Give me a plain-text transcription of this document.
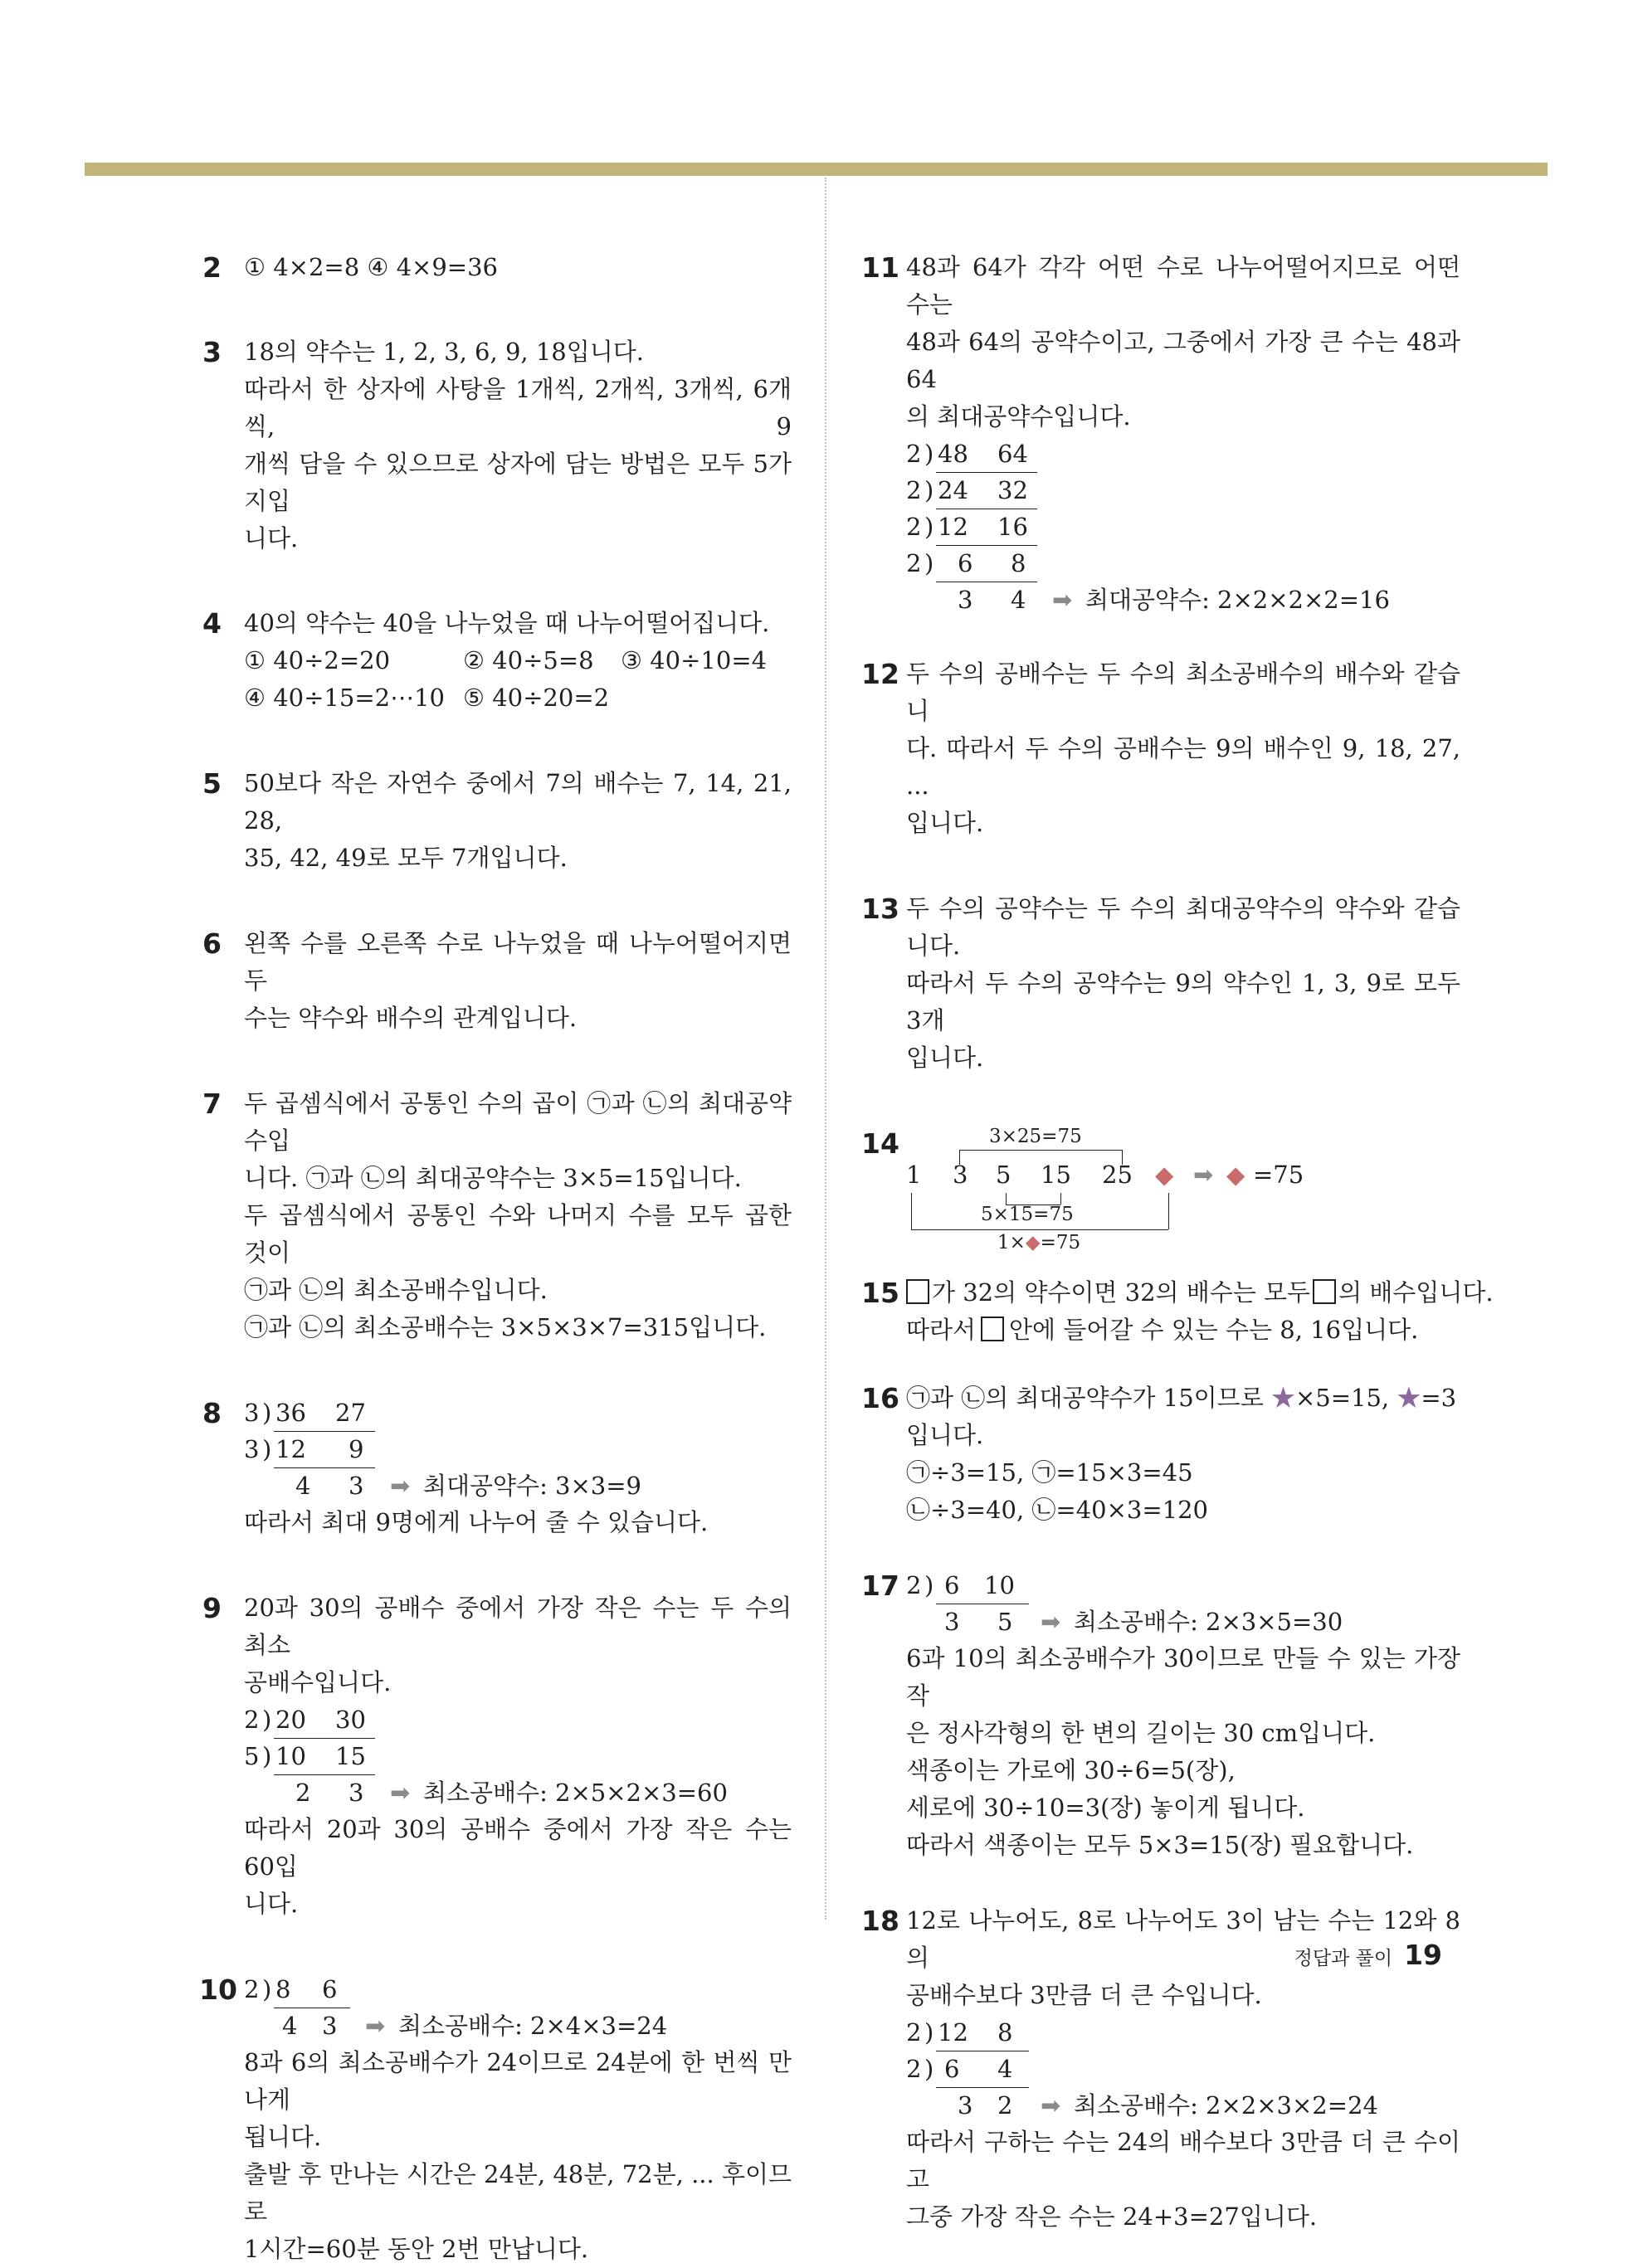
2 ① 4×2=8 ④ 4×9=36
3 18의 약수는 1, 2, 3, 6, 9, 18입니다.
따라서 한 상자에 사탕을 1개씩, 2개씩, 3개씩, 6개씩, 9
개씩 담을 수 있으므로 상자에 담는 방법은 모두 5가지입
니다.
4 40의 약수는 40을 나누었을 때 나누어떨어집니다.
① 40÷2=20	② 40÷5=8 ③ 40÷10=4
④ 40÷15=2⋯10 ⑤ 40÷20=2
5 50보다 작은 자연수 중에서 7의 배수는 7, 14, 21, 28,
35, 42, 49로 모두 7개입니다.
6 왼쪽 수를 오른쪽 수로 나누었을 때 나누어떨어지면 두
수는 약수와 배수의 관계입니다.
7 두 곱셈식에서 공통인 수의 곱이 ㉠과 ㉡의 최대공약수입
니다. ㉠과 ㉡의 최대공약수는 3×5=15입니다.
두 곱셈식에서 공통인 수와 나머지 수를 모두 곱한 것이
㉠과 ㉡의 최소공배수입니다.
㉠과 ㉡의 최소공배수는 3×5×3×7=315입니다.
8 3 ) 36 27
3 ) 12 9
4 3 ➡ 최대공약수: 3×3=9
따라서 최대 9명에게 나누어 줄 수 있습니다.
9 20과 30의 공배수 중에서 가장 작은 수는 두 수의 최소
공배수입니다.
2 ) 20 30
5 ) 10 15
2 3 ➡ 최소공배수: 2×5×2×3=60
따라서 20과 30의 공배수 중에서 가장 작은 수는 60입
니다.
10 2 ) 8 6
4 3 ➡ 최소공배수: 2×4×3=24
8과 6의 최소공배수가 24이므로 24분에 한 번씩 만나게
됩니다.
출발 후 만나는 시간은 24분, 48분, 72분, ... 후이므로
1시간=60분 동안 2번 만납니다.
11 48과 64가 각각 어떤 수로 나누어떨어지므로 어떤 수는
48과 64의 공약수이고, 그중에서 가장 큰 수는 48과 64
의 최대공약수입니다.
2 ) 48 64
2 ) 24 32
2 ) 12 16
2 ) 6 8
3 4 ➡ 최대공약수: 2×2×2×2=16
12 두 수의 공배수는 두 수의 최소공배수의 배수와 같습니
다. 따라서 두 수의 공배수는 9의 배수인 9, 18, 27, ...
입니다.
13 두 수의 공약수는 두 수의 최대공약수의 약수와 같습니다.
따라서 두 수의 공약수는 9의 약수인 1, 3, 9로 모두 3개
입니다.
14	3×25=75
1 3 5 15 25 ◆ ➡ ◆ =75
5×15=75
1×◆=75
15	가 32의 약수이면 32의 배수는 모두 의 배수입니다.
따라서 안에 들어갈 수 있는 수는 8, 16입니다.
16 ㉠과 ㉡의 최대공약수가 15이므로 ★×5=15, ★=3
입니다.
㉠÷3=15, ㉠=15×3=45
㉡÷3=40, ㉡=40×3=120
17 2 ) 6 10
3 5 ➡ 최소공배수: 2×3×5=30
6과 10의 최소공배수가 30이므로 만들 수 있는 가장 작
은 정사각형의 한 변의 길이는 30 cm입니다.
색종이는 가로에 30÷6=5(장),
세로에 30÷10=3(장) 놓이게 됩니다.
따라서 색종이는 모두 5×3=15(장) 필요합니다.
18 12로 나누어도, 8로 나누어도 3이 남는 수는 12와 8의
공배수보다 3만큼 더 큰 수입니다.
2 ) 12 8
2 ) 6 4
3 2 ➡ 최소공배수: 2×2×3×2=24
따라서 구하는 수는 24의 배수보다 3만큼 더 큰 수이고
그중 가장 작은 수는 24+3=27입니다.
정답과 풀이 19
